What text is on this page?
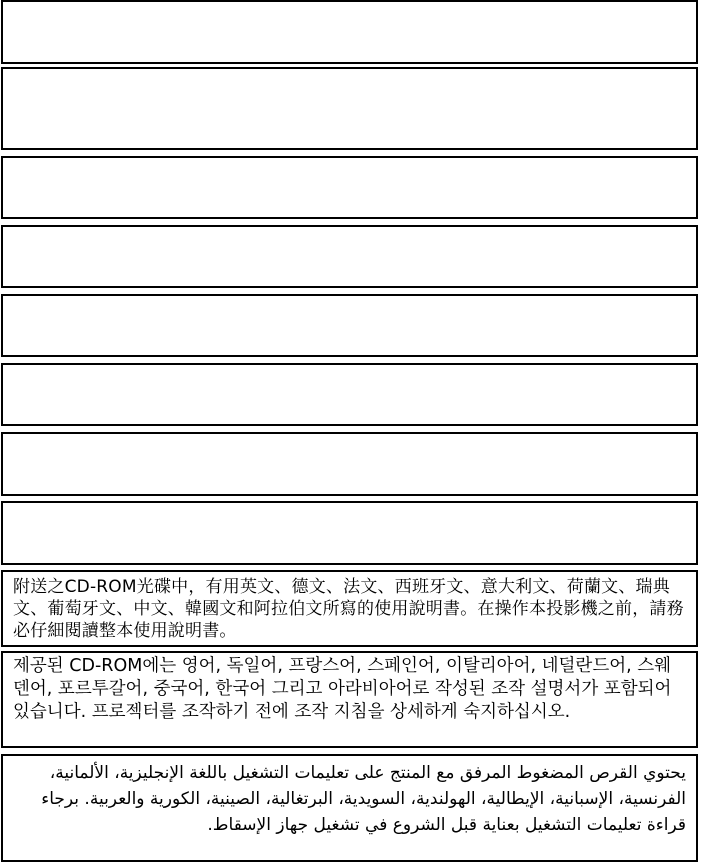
附送之CD-ROM光碟中，有用英文、德文、法文、西班牙文、意大利文、荷蘭文、瑞典文、葡萄牙文、中文、韓國文和阿拉伯文所寫的使用說明書。在操作本投影機之前，請務必仔細閱讀整本使用說明書。

제공된 CD-ROM에는 영어, 독일어, 프랑스어, 스페인어, 이탈리아어, 네덜란드어, 스웨덴어, 포르투갈어, 중국어, 한국어 그리고 아라비아어로 작성된 조작 설명서가 포함되어 있습니다. 프로젝터를 조작하기 전에 조작 지침을 상세하게 숙지하십시오.

يحتوي القرص المضغوط المرفق مع المنتج على تعليمات التشغيل باللغة الإنجليزية، الألمانية، الفرنسية، الإسبانية، الإيطالية، الهولندية، السويدية، البرتغالية، الصينية، الكورية والعربية. برجاء قراءة تعليمات التشغيل بعناية قبل الشروع في تشغيل جهاز الإسقاط.
